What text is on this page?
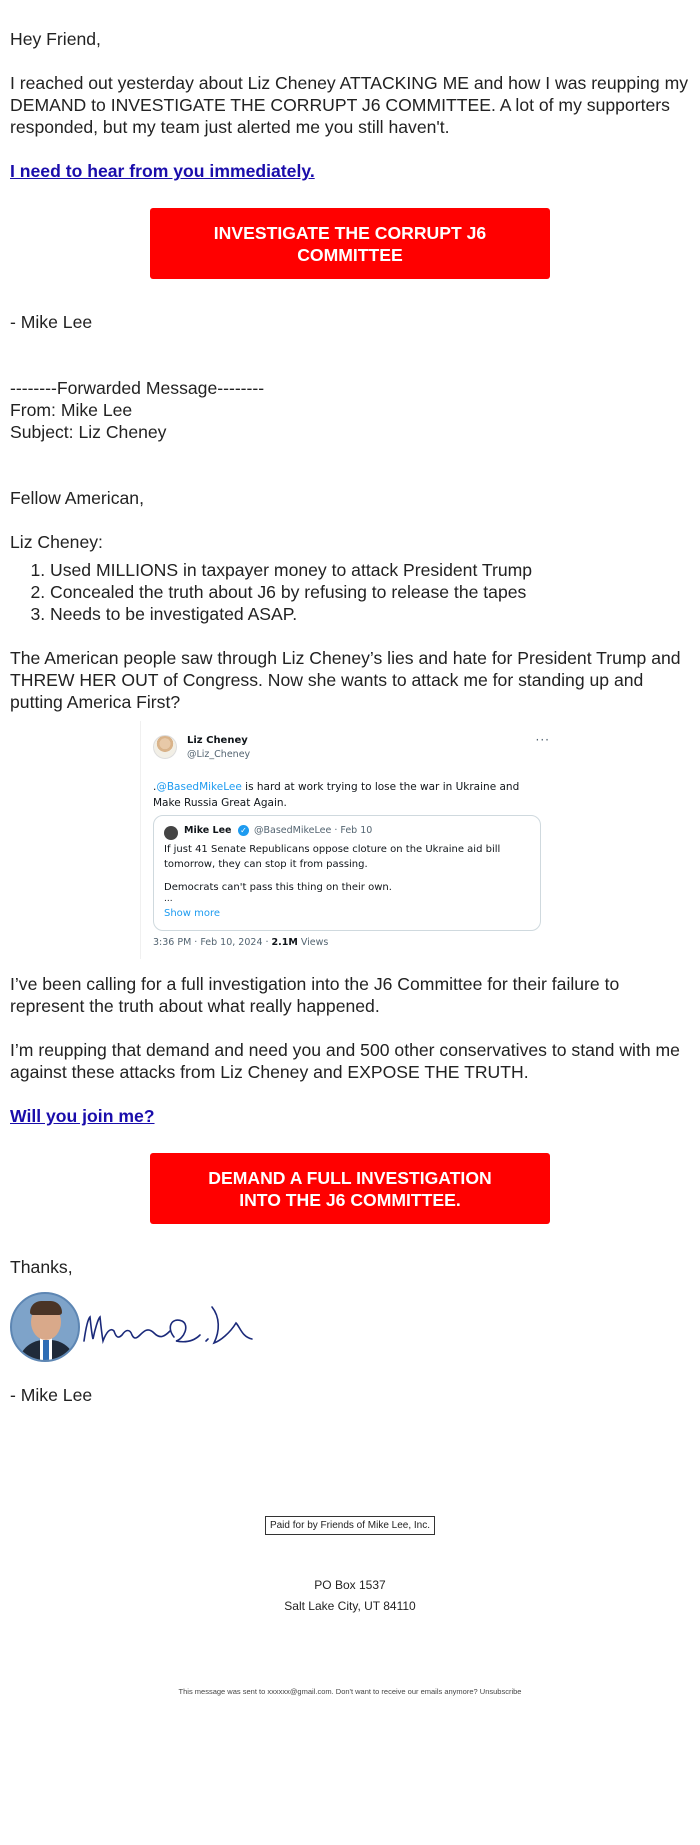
Hey Friend,

I reached out yesterday about Liz Cheney ATTACKING ME and how I was reupping my DEMAND to INVESTIGATE THE CORRUPT J6 COMMITTEE. A lot of my supporters responded, but my team just alerted me you still haven't.

I need to hear from you immediately.

INVESTIGATE THE CORRUPT J6 COMMITTEE

- Mike Lee

--------Forwarded Message--------
From: Mike Lee
Subject: Liz Cheney

Fellow American,

Liz Cheney:

1. Used MILLIONS in taxpayer money to attack President Trump
2. Concealed the truth about J6 by refusing to release the tapes
3. Needs to be investigated ASAP.

The American people saw through Liz Cheney’s lies and hate for President Trump and THREW HER OUT of Congress. Now she wants to attack me for standing up and putting America First?

Liz Cheney
@Liz_Cheney
···
.@BasedMikeLee is hard at work trying to lose the war in Ukraine and Make Russia Great Again.
Mike Lee ✓ @BasedMikeLee · Feb 10
If just 41 Senate Republicans oppose cloture on the Ukraine aid bill tomorrow, they can stop it from passing.
Democrats can't pass this thing on their own.
...
Show more
3:36 PM · Feb 10, 2024 · 2.1M Views

I’ve been calling for a full investigation into the J6 Committee for their failure to represent the truth about what really happened.

I’m reupping that demand and need you and 500 other conservatives to stand with me against these attacks from Liz Cheney and EXPOSE THE TRUTH.

Will you join me?

DEMAND A FULL INVESTIGATION INTO THE J6 COMMITTEE.

Thanks,

- Mike Lee

Paid for by Friends of Mike Lee, Inc.
PO Box 1537
Salt Lake City, UT 84110
This message was sent to xxxxxx@gmail.com. Don't want to receive our emails anymore? Unsubscribe
